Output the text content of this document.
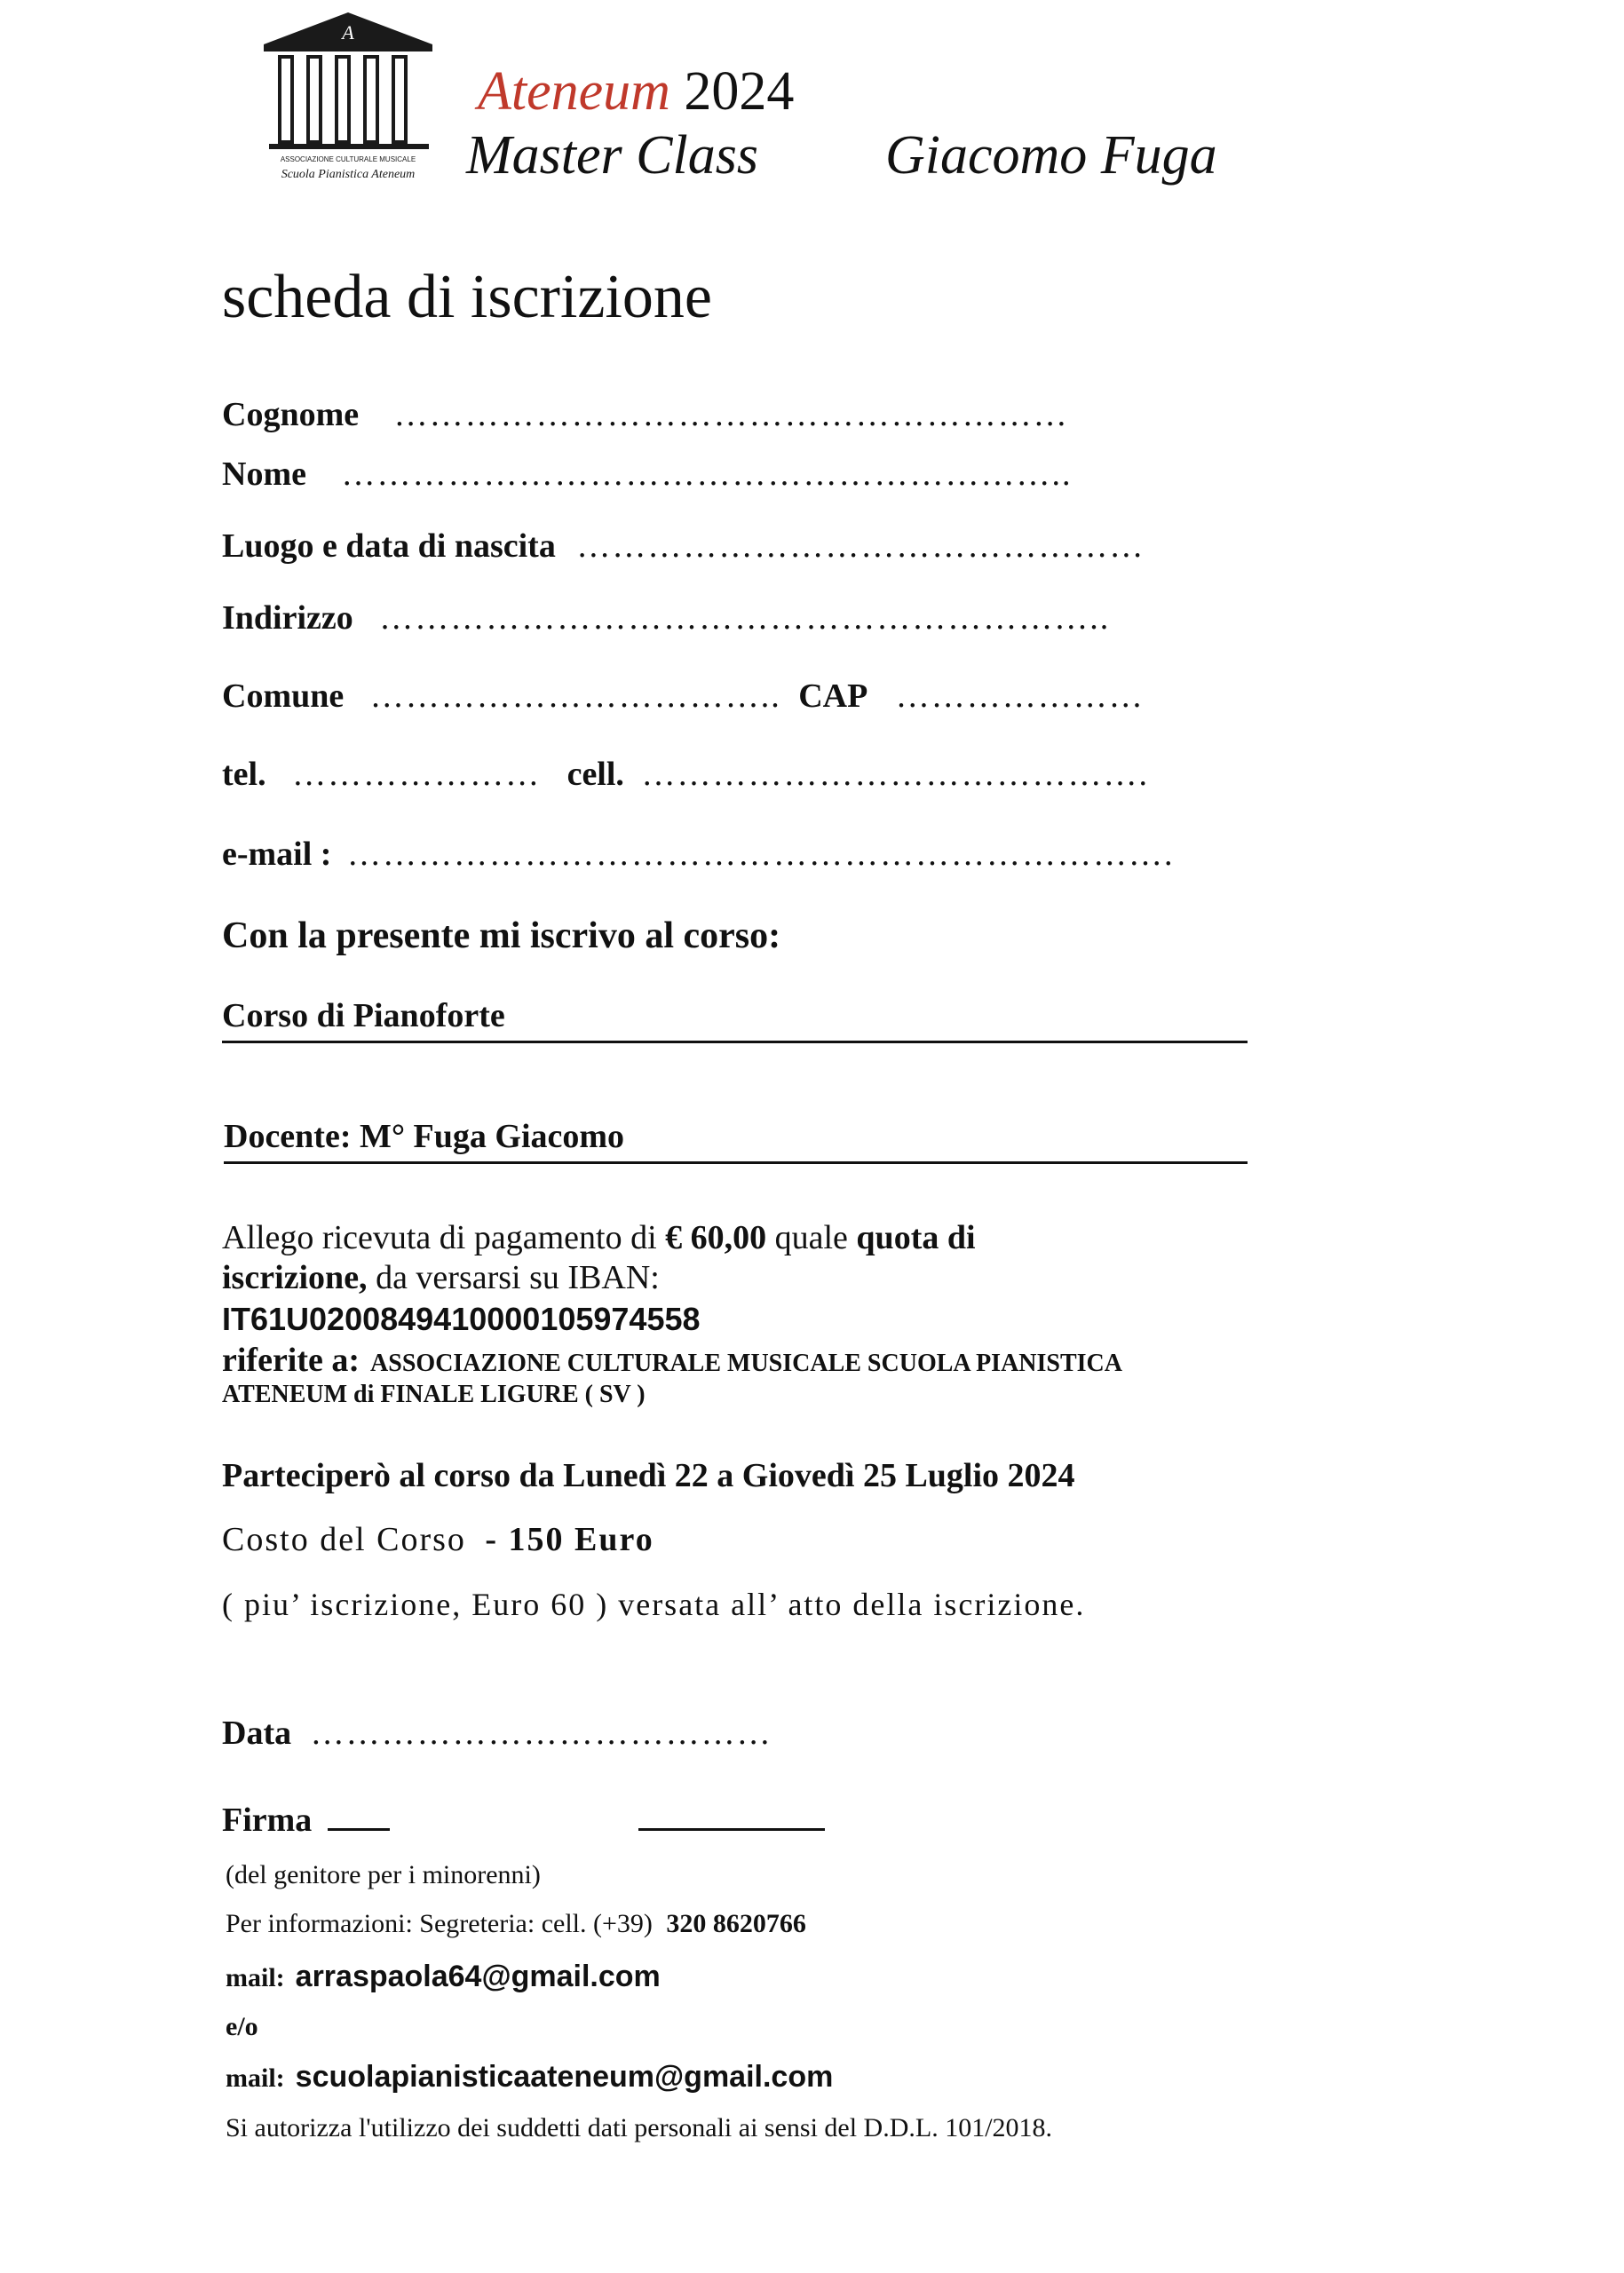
A
ASSOCIAZIONE CULTURALE MUSICALE
Scuola Pianistica Ateneum
Ateneum 2024
Master Class Giacomo Fuga
scheda di iscrizione
Cognome …………………………………………………
Nome ……………………………………………………..
Luogo e data di nascita …………………………………………
Indirizzo ……………………………………………………..
Comune …………………………….. CAP …………………
tel. ………………… cell. …………………………………….
e-mail : …………………………………………………………….
Con la presente mi iscrivo al corso:
Corso di Pianoforte
Docente: M° Fuga Giacomo
Allego ricevuta di pagamento di € 60,00 quale quota di
iscrizione, da versarsi su IBAN:
IT61U0200849410000105974558
riferite a: ASSOCIAZIONE CULTURALE MUSICALE SCUOLA PIANISTICA
ATENEUM di FINALE LIGURE ( SV )
Parteciperò al corso da Lunedì 22 a Giovedì 25 Luglio 2024
Costo del Corso - 150 Euro
( piu’ iscrizione, Euro 60 ) versata all’ atto della iscrizione.
Data …………………………………
Firma
(del genitore per i minorenni)
Per informazioni: Segreteria: cell. (+39) 320 8620766
mail: arraspaola64@gmail.com
e/o
mail: scuolapianisticaateneum@gmail.com
Si autorizza l'utilizzo dei suddetti dati personali ai sensi del D.D.L. 101/2018.
